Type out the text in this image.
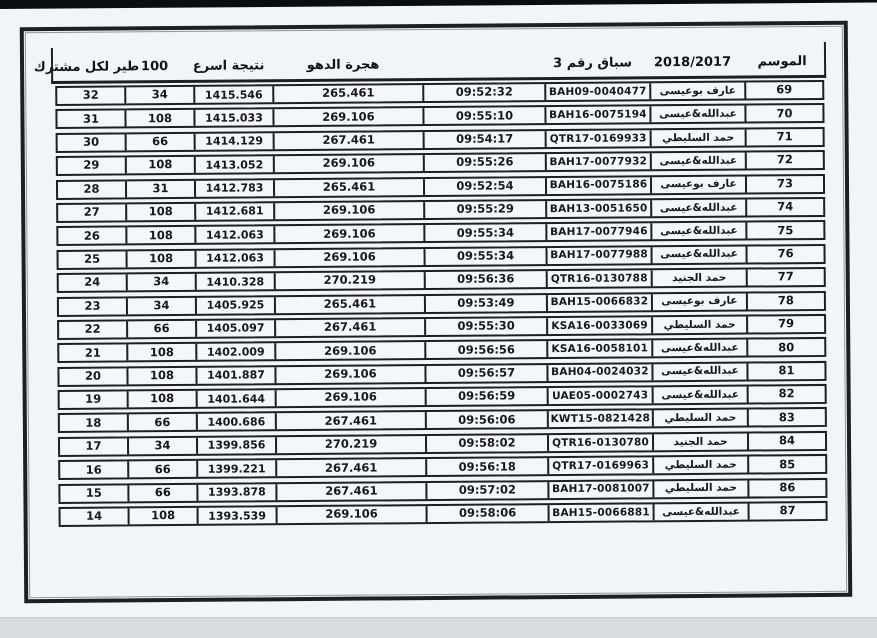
طير لكل مشترك 100	نتيجة اسرع	هجرة الدهو	سباق رقم 3	2018/2017	الموسم
32	34	1415.546	265.461	09:52:32	BAH09-0040477	عارف بوعيسى	69
31	108	1415.033	269.106	09:55:10	BAH16-0075194	عبدالله&عيسى	70
30	66	1414.129	267.461	09:54:17	QTR17-0169933	حمد السليطي	71
29	108	1413.052	269.106	09:55:26	BAH17-0077932	عبدالله&عيسى	72
28	31	1412.783	265.461	09:52:54	BAH16-0075186	عارف بوعيسى	73
27	108	1412.681	269.106	09:55:29	BAH13-0051650	عبدالله&عيسى	74
26	108	1412.063	269.106	09:55:34	BAH17-0077946	عبدالله&عيسى	75
25	108	1412.063	269.106	09:55:34	BAH17-0077988	عبدالله&عيسى	76
24	34	1410.328	270.219	09:56:36	QTR16-0130788	حمد الجنيد	77
23	34	1405.925	265.461	09:53:49	BAH15-0066832	عارف بوعيسى	78
22	66	1405.097	267.461	09:55:30	KSA16-0033069	حمد السليطي	79
21	108	1402.009	269.106	09:56:56	KSA16-0058101	عبدالله&عيسى	80
20	108	1401.887	269.106	09:56:57	BAH04-0024032	عبدالله&عيسى	81
19	108	1401.644	269.106	09:56:59	UAE05-0002743	عبدالله&عيسى	82
18	66	1400.686	267.461	09:56:06	KWT15-0821428	حمد السليطي	83
17	34	1399.856	270.219	09:58:02	QTR16-0130780	حمد الجنيد	84
16	66	1399.221	267.461	09:56:18	QTR17-0169963	حمد السليطي	85
15	66	1393.878	267.461	09:57:02	BAH17-0081007	حمد السليطي	86
14	108	1393.539	269.106	09:58:06	BAH15-0066881	عبدالله&عيسى	87
